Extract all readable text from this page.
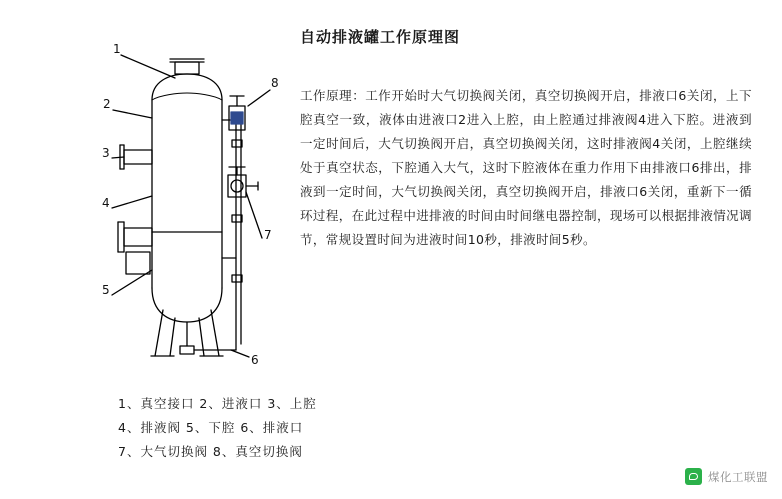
1
2
3
4
5
6
7
8
自动排液罐工作原理图
工作原理：工作开始时大气切换阀关闭，真空切换阀开启，排液口6关闭，上下腔真空一致，液体由进液口2进入上腔，由上腔通过排液阀4进入下腔。进液到一定时间后，大气切换阀开启，真空切换阀关闭，这时排液阀4关闭，上腔继续处于真空状态，下腔通入大气，这时下腔液体在重力作用下由排液口6排出，排液到一定时间，大气切换阀关闭，真空切换阀开启，排液口6关闭，重新下一循环过程，在此过程中进排液的时间由时间继电器控制，现场可以根据排液情况调节，常规设置时间为进液时间10秒，排液时间5秒。
1、真空接口 2、进液口 3、上腔
4、排液阀 5、下腔 6、排液口
7、大气切换阀 8、真空切换阀
煤化工联盟
